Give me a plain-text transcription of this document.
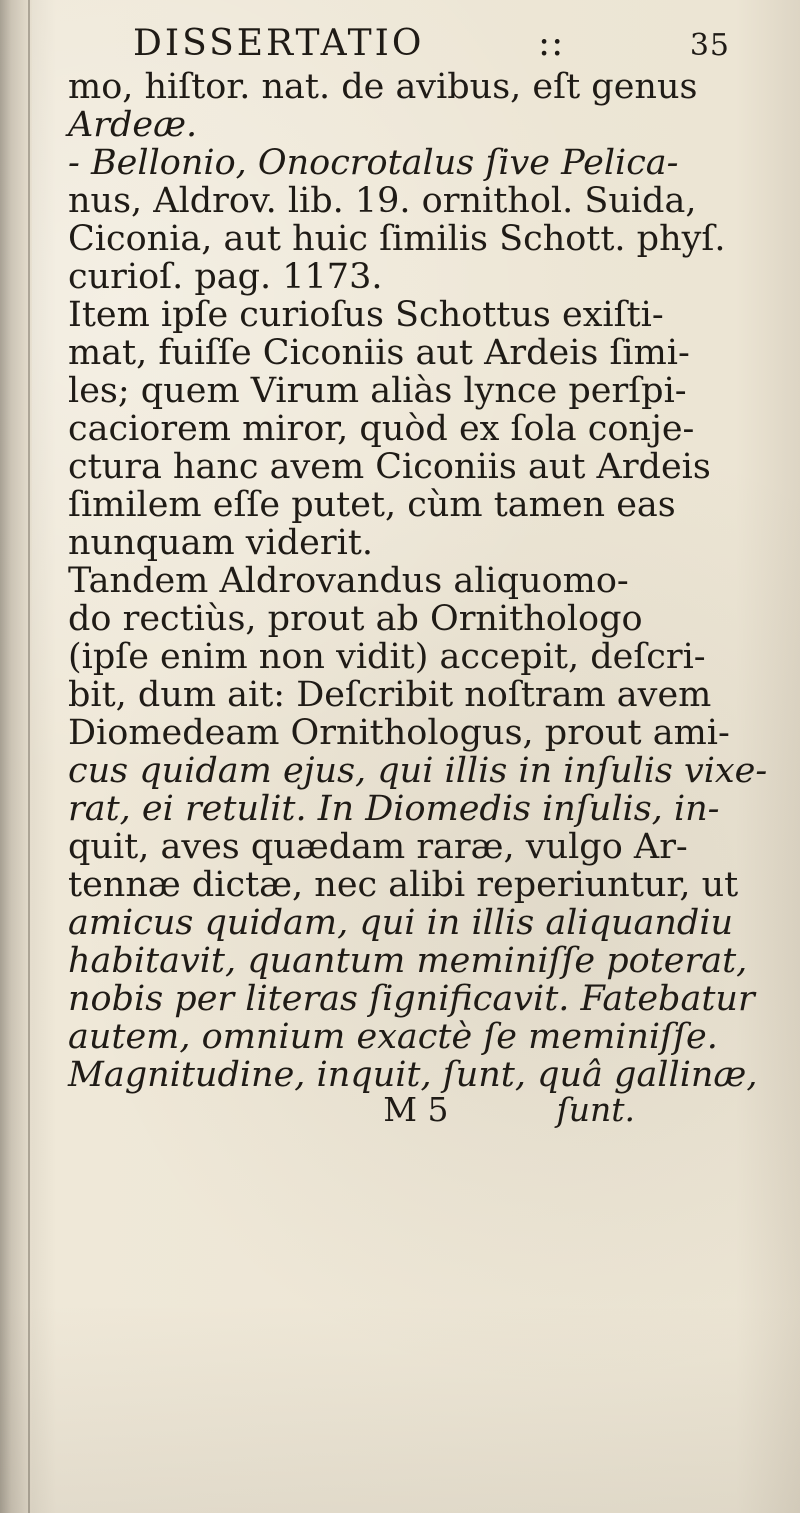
DISSERTATIO	::	35

mo, hiſtor. nat. de avibus, eſt genus

Ardeæ.

- Bellonio, Onocrotalus ſive Pelica-

nus, Aldrov. lib. 19. ornithol. Suida,

Ciconia, aut huic ſimilis Schott. phyſ.

curioſ. pag. 1173.

Item ipſe curioſus Schottus exiſti-

mat, fuiſſe Ciconiis aut Ardeis ſimi-

les; quem Virum aliàs lynce perſpi-

caciorem miror, quòd ex ſola conje-

ctura hanc avem Ciconiis aut Ardeis

ſimilem eſſe putet, cùm tamen eas

nunquam viderit.

Tandem Aldrovandus aliquomo-

do rectiùs, prout ab Ornithologo

(ipſe enim non vidit) accepit, deſcri-

bit, dum ait: Deſcribit noſtram avem

Diomedeam Ornithologus, prout ami-

cus quidam ejus, qui illis in inſulis vixe-

rat, ei retulit. In Diomedis inſulis, in-

quit, aves quædam raræ, vulgo Ar-

tennæ dictæ, nec alibi reperiuntur, ut

amicus quidam, qui in illis aliquandiu

habitavit, quantum meminiſſe poterat,

nobis per literas ſignificavit. Fatebatur

autem, omnium exactè ſe meminiſſe.

Magnitudine, inquit, ſunt, quâ gallinæ,

M 5	ſunt.
